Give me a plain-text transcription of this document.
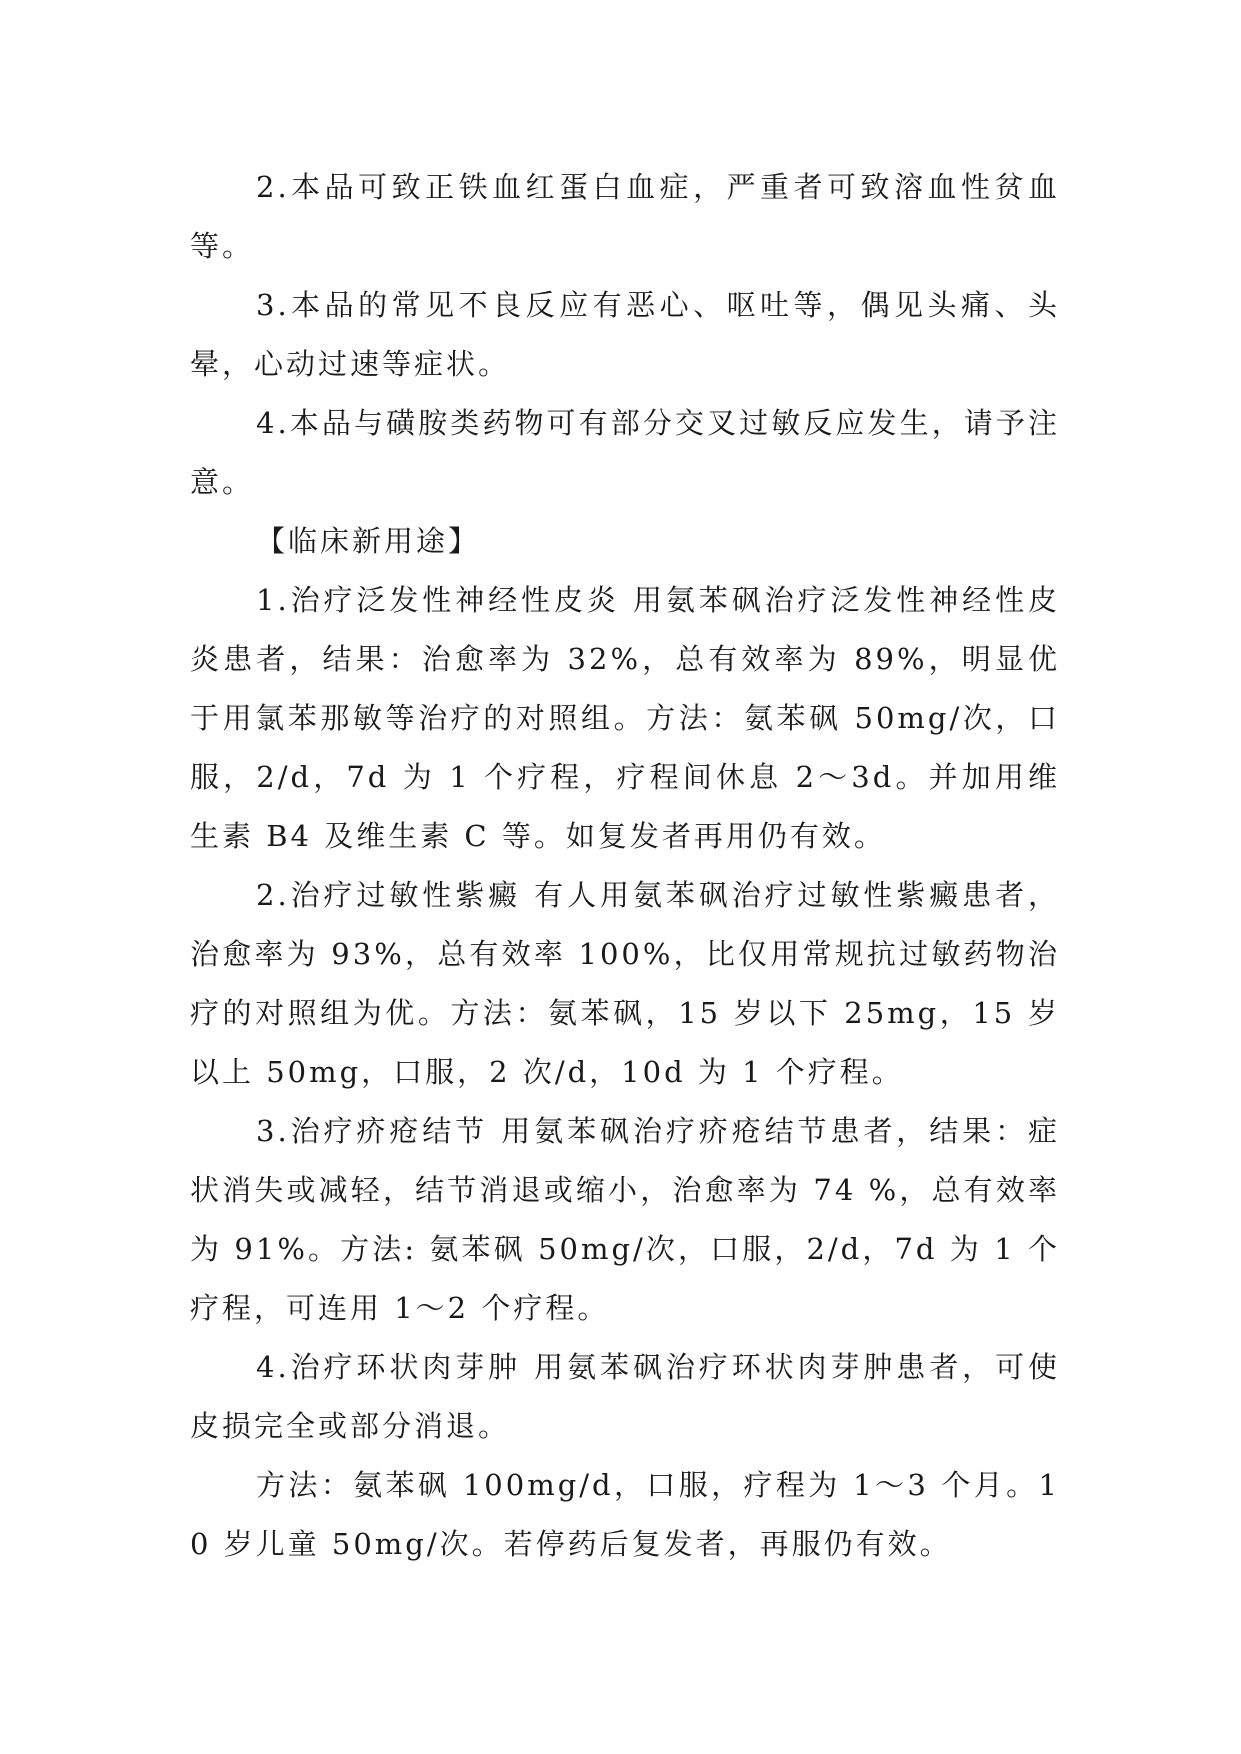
2.本品可致正铁血红蛋白血症，严重者可致溶血性贫血等。

3.本品的常见不良反应有恶心、呕吐等，偶见头痛、头晕，心动过速等症状。

4.本品与磺胺类药物可有部分交叉过敏反应发生，请予注意。

【临床新用途】

1.治疗泛发性神经性皮炎 用氨苯砜治疗泛发性神经性皮炎患者，结果：治愈率为 32%，总有效率为 89%，明显优于用氯苯那敏等治疗的对照组。方法：氨苯砜 50mg/次，口服，2/d，7d 为 1 个疗程，疗程间休息 2～3d。并加用维生素 B4 及维生素 C 等。如复发者再用仍有效。

2.治疗过敏性紫癜 有人用氨苯砜治疗过敏性紫癜患者，治愈率为 93%，总有效率 100%，比仅用常规抗过敏药物治疗的对照组为优。方法：氨苯砜，15 岁以下 25mg，15 岁以上 50mg，口服，2 次/d，10d 为 1 个疗程。

3.治疗疥疮结节 用氨苯砜治疗疥疮结节患者，结果：症状消失或减轻，结节消退或缩小，治愈率为 74 %，总有效率为 91%。方法: 氨苯砜 50mg/次，口服，2/d，7d 为 1 个疗程，可连用 1～2 个疗程。

4.治疗环状肉芽肿 用氨苯砜治疗环状肉芽肿患者，可使皮损完全或部分消退。

方法：氨苯砜 100mg/d，口服，疗程为 1～3 个月。10 岁儿童 50mg/次。若停药后复发者，再服仍有效。
